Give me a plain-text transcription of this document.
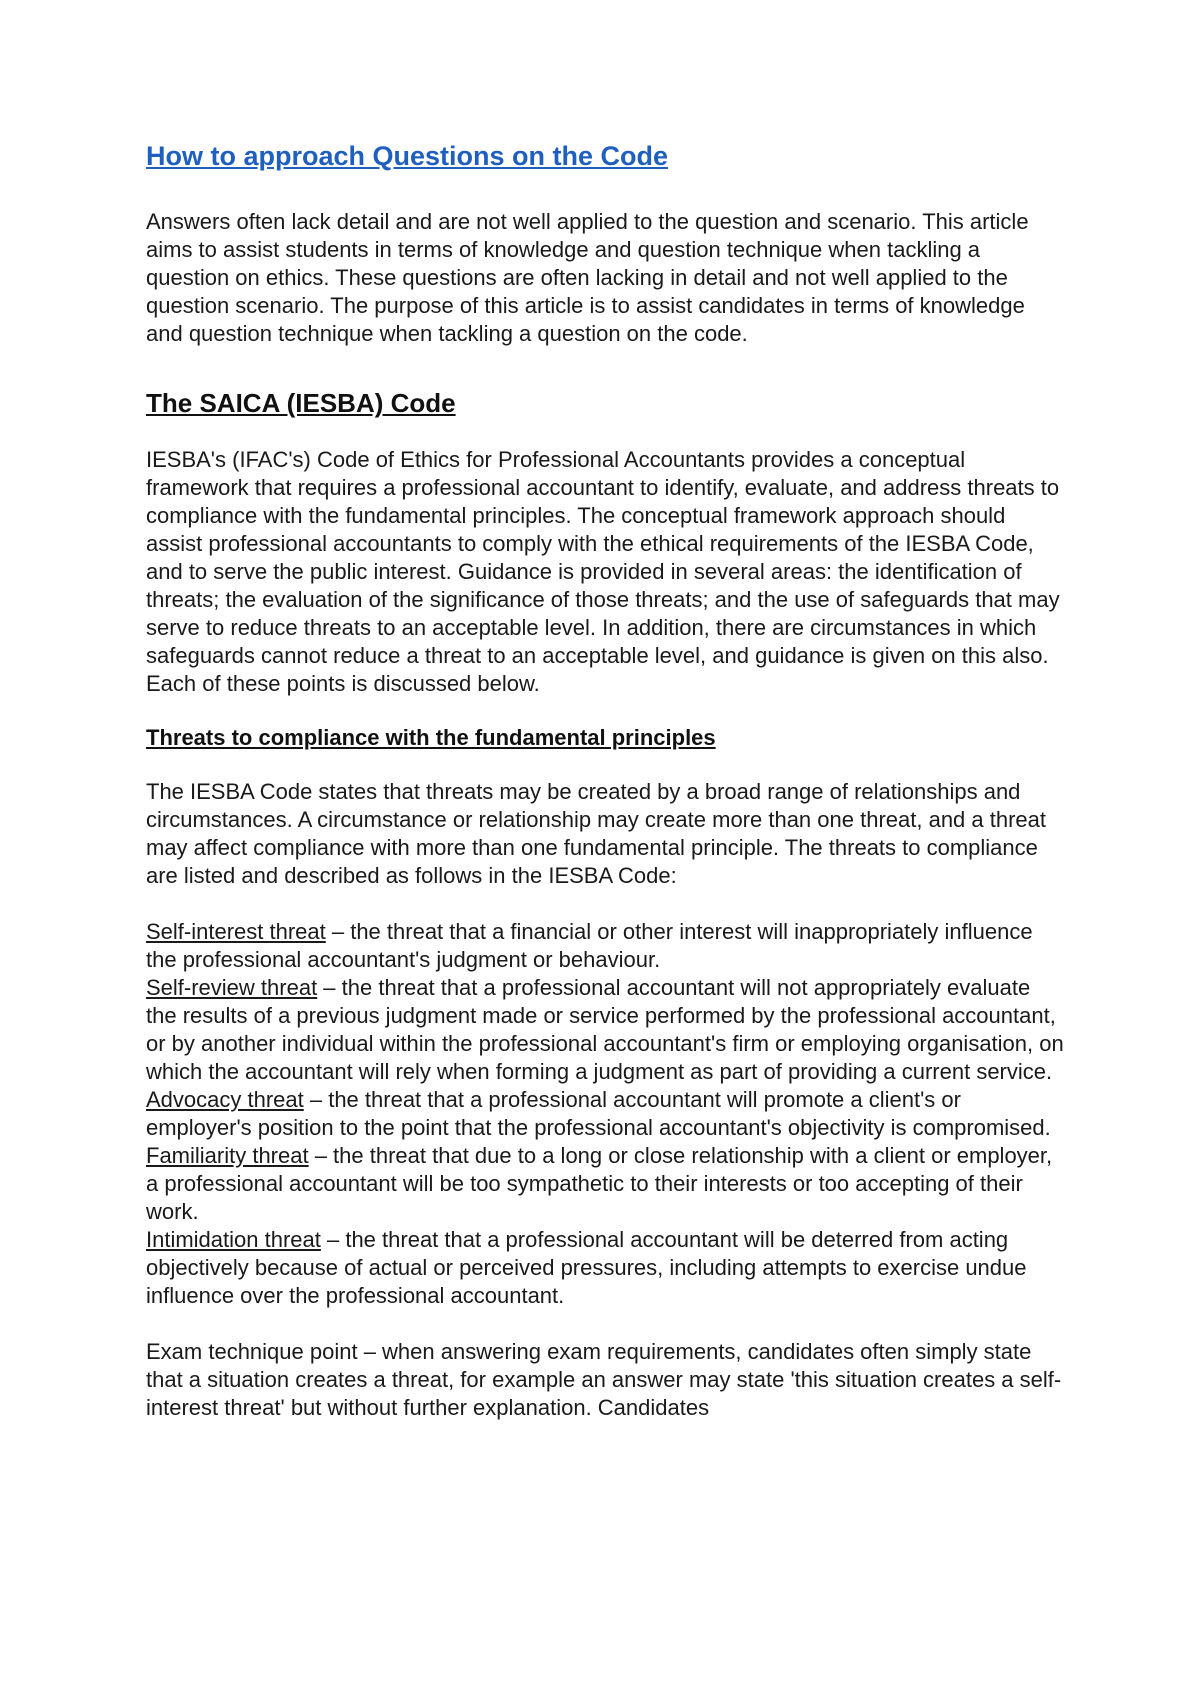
How to approach Questions on the Code

Answers often lack detail and are not well applied to the question and scenario. This article aims to assist students in terms of knowledge and question technique when tackling a question on ethics. These questions are often lacking in detail and not well applied to the question scenario. The purpose of this article is to assist candidates in terms of knowledge and question technique when tackling a question on the code.

The SAICA (IESBA) Code

IESBA's (IFAC's) Code of Ethics for Professional Accountants provides a conceptual framework that requires a professional accountant to identify, evaluate, and address threats to compliance with the fundamental principles. The conceptual framework approach should assist professional accountants to comply with the ethical requirements of the IESBA Code, and to serve the public interest. Guidance is provided in several areas: the identification of threats; the evaluation of the significance of those threats; and the use of safeguards that may serve to reduce threats to an acceptable level. In addition, there are circumstances in which safeguards cannot reduce a threat to an acceptable level, and guidance is given on this also. Each of these points is discussed below.

Threats to compliance with the fundamental principles

The IESBA Code states that threats may be created by a broad range of relationships and circumstances. A circumstance or relationship may create more than one threat, and a threat may affect compliance with more than one fundamental principle. The threats to compliance are listed and described as follows in the IESBA Code:

Self-interest threat – the threat that a financial or other interest will inappropriately influence the professional accountant's judgment or behaviour.
Self-review threat – the threat that a professional accountant will not appropriately evaluate the results of a previous judgment made or service performed by the professional accountant, or by another individual within the professional accountant's firm or employing organisation, on which the accountant will rely when forming a judgment as part of providing a current service.
Advocacy threat – the threat that a professional accountant will promote a client's or employer's position to the point that the professional accountant's objectivity is compromised.
Familiarity threat – the threat that due to a long or close relationship with a client or employer, a professional accountant will be too sympathetic to their interests or too accepting of their work.
Intimidation threat – the threat that a professional accountant will be deterred from acting objectively because of actual or perceived pressures, including attempts to exercise undue influence over the professional accountant.

Exam technique point – when answering exam requirements, candidates often simply state that a situation creates a threat, for example an answer may state 'this situation creates a self-interest threat' but without further explanation. Candidates
